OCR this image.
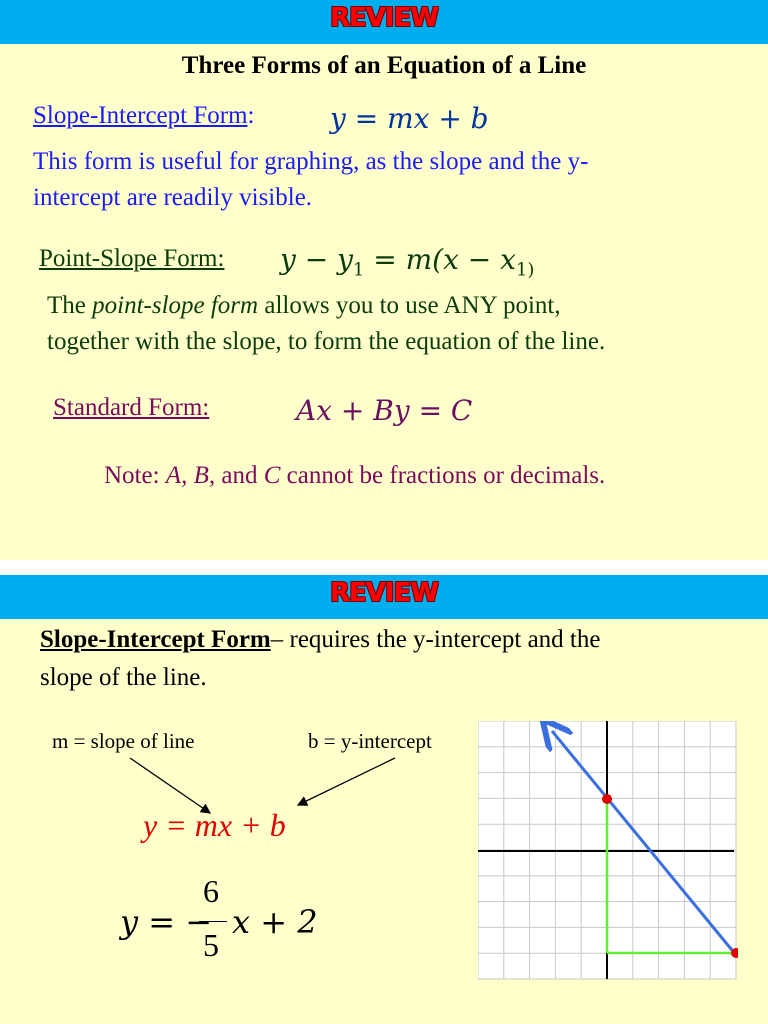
REVIEW
Three Forms of an Equation of a Line
Slope-Intercept Form:	y = mx + b
This form is useful for graphing, as the slope and the y-
intercept are readily visible.
Point-Slope Form: $y - y_1 = m(x - x_{1)}$
The point-slope form allows you to use ANY point,
together with the slope, to form the equation of the line.
Standard Form:	Ax + By = C
Note: A, B, and C cannot be fractions or decimals.
REVIEW
Slope-Intercept Form– requires the y-intercept and the
slope of the line.
m = slope of line	b = y-intercept
y = mx + b
y = −
6
5
x + 2
